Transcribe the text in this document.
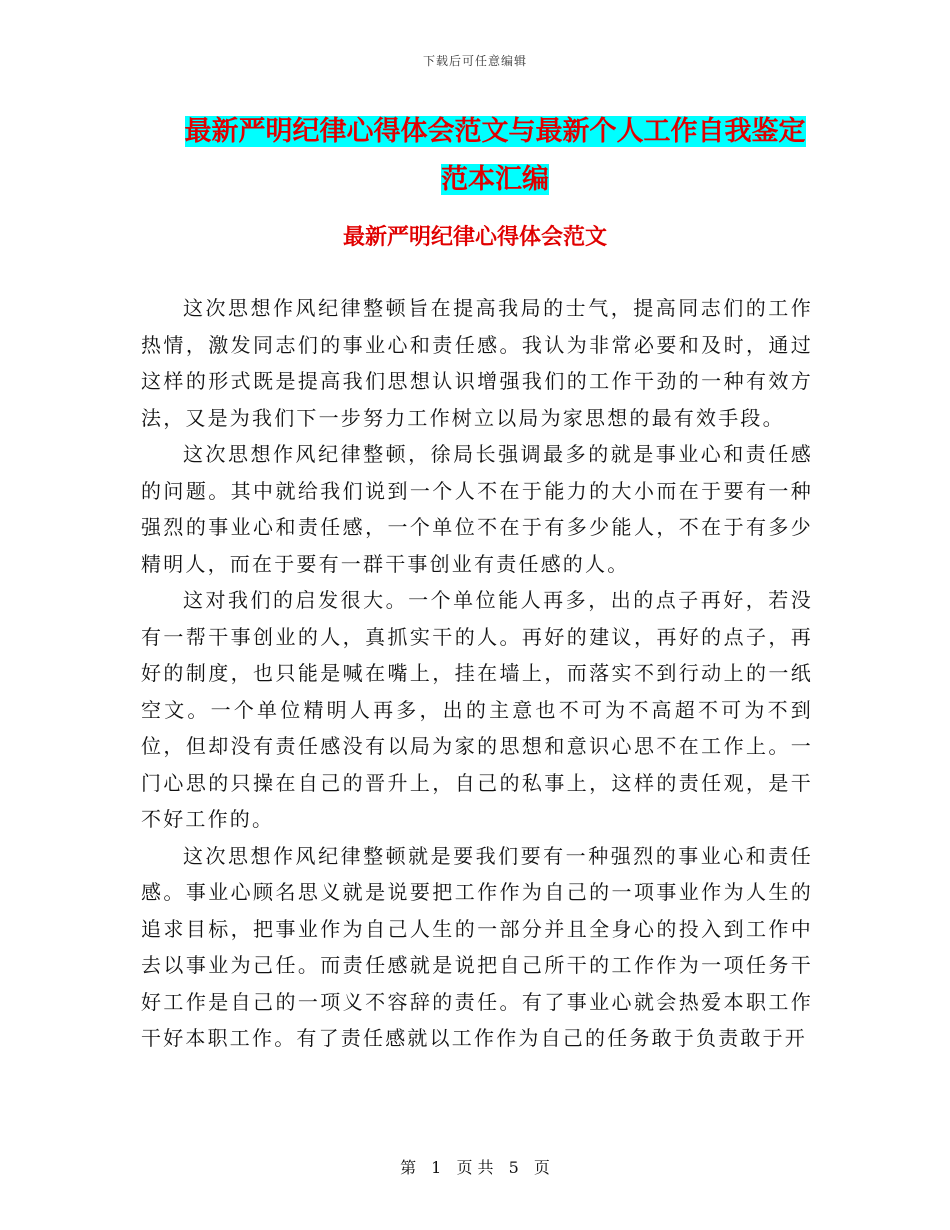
下载后可任意编辑
最新严明纪律心得体会范文与最新个人工作自我鉴定
范本汇编
最新严明纪律心得体会范文

这次思想作风纪律整顿旨在提高我局的士气，提高同志们的工作热情，激发同志们的事业心和责任感。我认为非常必要和及时，通过这样的形式既是提高我们思想认识增强我们的工作干劲的一种有效方法，又是为我们下一步努力工作树立以局为家思想的最有效手段。

这次思想作风纪律整顿，徐局长强调最多的就是事业心和责任感的问题。其中就给我们说到一个人不在于能力的大小而在于要有一种强烈的事业心和责任感，一个单位不在于有多少能人，不在于有多少精明人，而在于要有一群干事创业有责任感的人。

这对我们的启发很大。一个单位能人再多，出的点子再好，若没有一帮干事创业的人，真抓实干的人。再好的建议，再好的点子，再好的制度，也只能是喊在嘴上，挂在墙上，而落实不到行动上的一纸空文。一个单位精明人再多，出的主意也不可为不高超不可为不到位，但却没有责任感没有以局为家的思想和意识心思不在工作上。一门心思的只操在自己的晋升上，自己的私事上，这样的责任观，是干不好工作的。

这次思想作风纪律整顿就是要我们要有一种强烈的事业心和责任感。事业心顾名思义就是说要把工作作为自己的一项事业作为人生的追求目标，把事业作为自己人生的一部分并且全身心的投入到工作中去以事业为己任。而责任感就是说把自己所干的工作作为一项任务干好工作是自己的一项义不容辞的责任。有了事业心就会热爱本职工作干好本职工作。有了责任感就以工作作为自己的任务敢于负责敢于开

第 1 页 共 5 页
